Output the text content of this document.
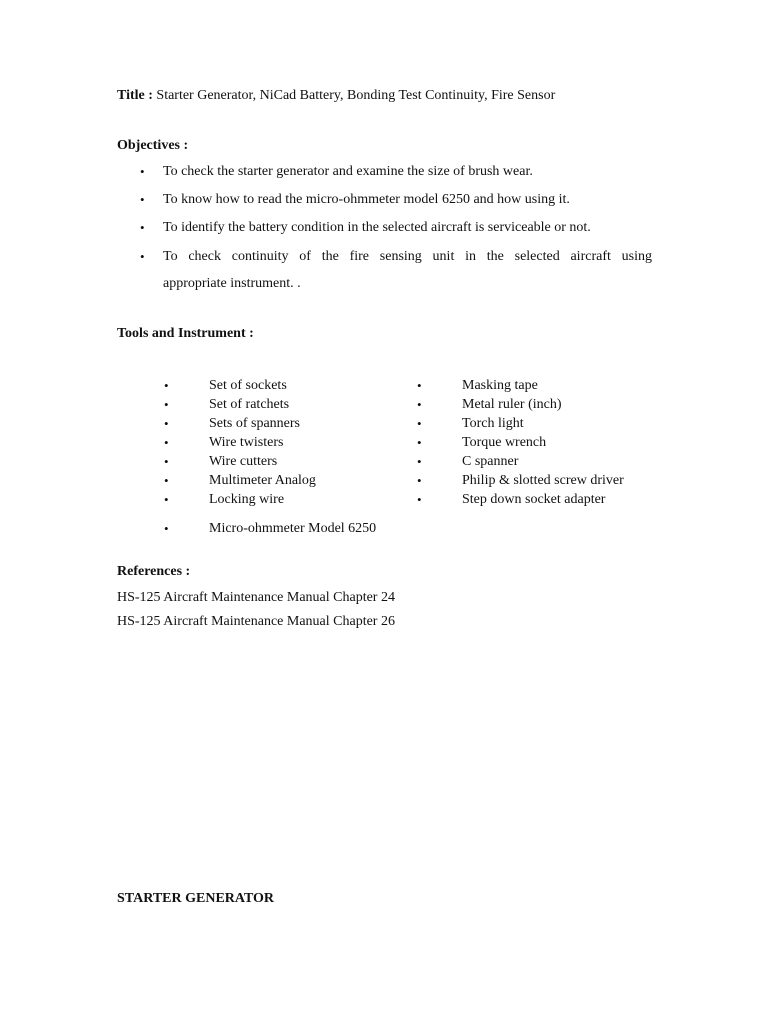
Title : Starter Generator, NiCad Battery, Bonding Test Continuity, Fire Sensor
Objectives :
• To check the starter generator and examine the size of brush wear.
• To know how to read the micro-ohmmeter model 6250 and how using it.
• To identify the battery condition in the selected aircraft is serviceable or not.
• To check continuity of the fire sensing unit in the selected aircraft using
appropriate instrument. .
Tools and Instrument :
•	Set of sockets
•	Set of ratchets
•	Sets of spanners
•	Wire twisters
•	Wire cutters
•	Multimeter Analog
•	Locking wire
•	Masking tape
•	Metal ruler (inch)
•	Torch light
•	Torque wrench
•	C spanner
•	Philip & slotted screw driver
•	Step down socket adapter
•	Micro-ohmmeter Model 6250
References :
HS-125 Aircraft Maintenance Manual Chapter 24
HS-125 Aircraft Maintenance Manual Chapter 26
STARTER GENERATOR
